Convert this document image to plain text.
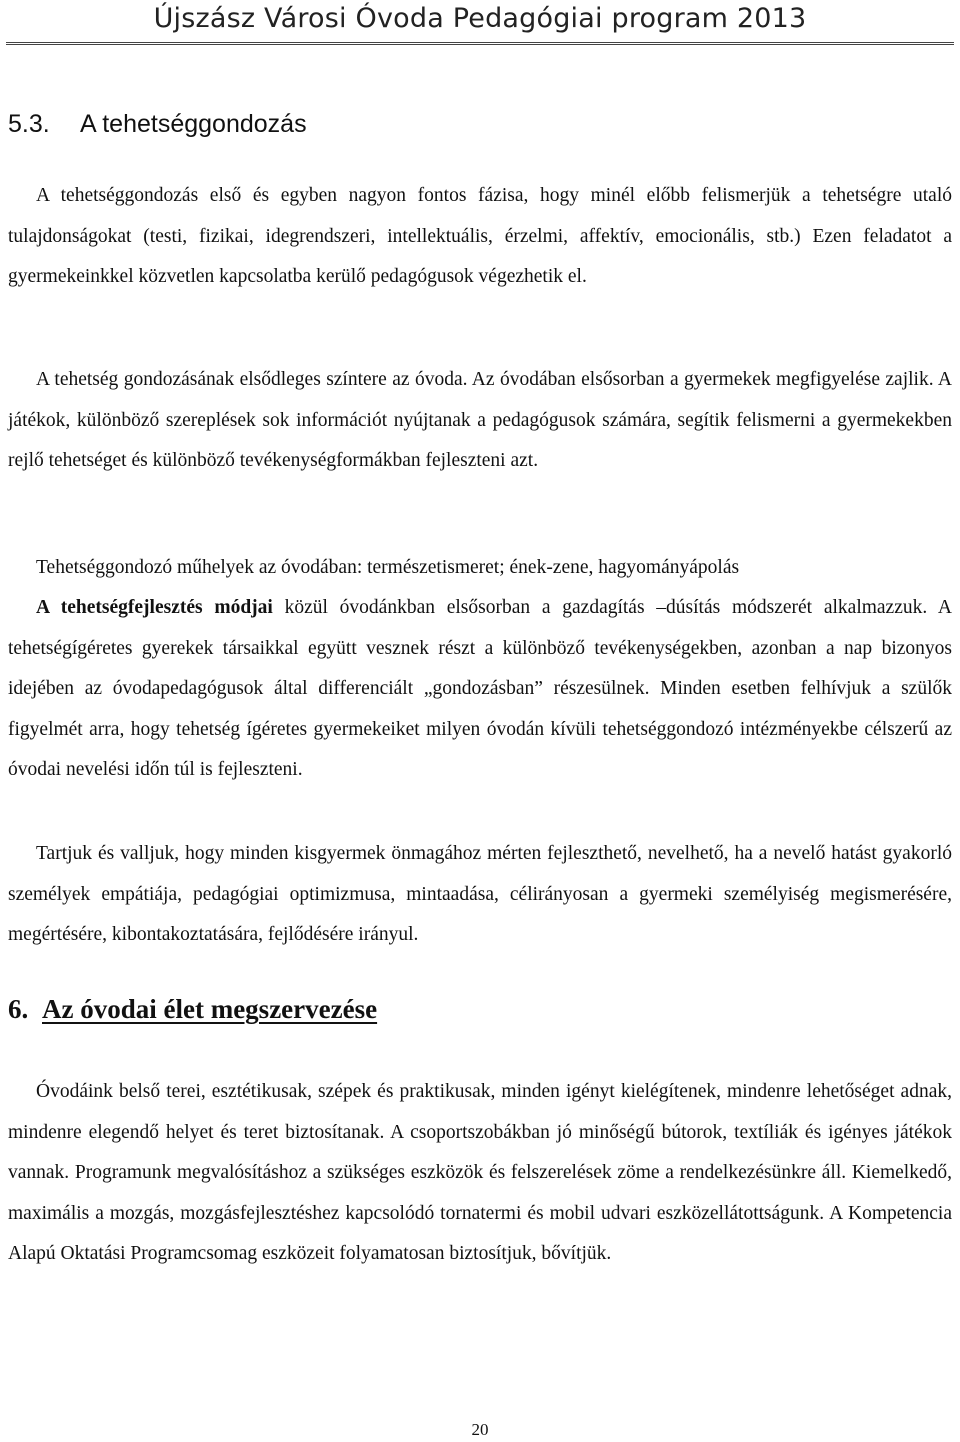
Újszász Városi Óvoda Pedagógiai program 2013
5.3. A tehetséggondozás

A tehetséggondozás első és egyben nagyon fontos fázisa, hogy minél előbb felismerjük a tehetségre utaló tulajdonságokat (testi, fizikai, idegrendszeri, intellektuális, érzelmi, affektív, emocionális, stb.) Ezen feladatot a gyermekeinkkel közvetlen kapcsolatba kerülő pedagógusok végezhetik el.

A tehetség gondozásának elsődleges színtere az óvoda. Az óvodában elsősorban a gyermekek megfigyelése zajlik. A játékok, különböző szereplések sok információt nyújtanak a pedagógusok számára, segítik felismerni a gyermekekben rejlő tehetséget és különböző tevékenységformákban fejleszteni azt.

Tehetséggondozó műhelyek az óvodában: természetismeret; ének-zene, hagyományápolás

A tehetségfejlesztés módjai közül óvodánkban elsősorban a gazdagítás –dúsítás módszerét alkalmazzuk. A tehetségígéretes gyerekek társaikkal együtt vesznek részt a különböző tevékenységekben, azonban a nap bizonyos idejében az óvodapedagógusok által differenciált „gondozásban” részesülnek. Minden esetben felhívjuk a szülők figyelmét arra, hogy tehetség ígéretes gyermekeiket milyen óvodán kívüli tehetséggondozó intézményekbe célszerű az óvodai nevelési időn túl is fejleszteni.

Tartjuk és valljuk, hogy minden kisgyermek önmagához mérten fejleszthető, nevelhető, ha a nevelő hatást gyakorló személyek empátiája, pedagógiai optimizmusa, mintaadása, célirányosan a gyermeki személyiség megismerésére, megértésére, kibontakoztatására, fejlődésére irányul.

6. Az óvodai élet megszervezése

Óvodáink belső terei, esztétikusak, szépek és praktikusak, minden igényt kielégítenek, mindenre lehetőséget adnak, mindenre elegendő helyet és teret biztosítanak. A csoportszobákban jó minőségű bútorok, textíliák és igényes játékok vannak. Programunk megvalósításhoz a szükséges eszközök és felszerelések zöme a rendelkezésünkre áll. Kiemelkedő, maximális a mozgás, mozgásfejlesztéshez kapcsolódó tornatermi és mobil udvari eszközellátottságunk. A Kompetencia Alapú Oktatási Programcsomag eszközeit folyamatosan biztosítjuk, bővítjük.

20
